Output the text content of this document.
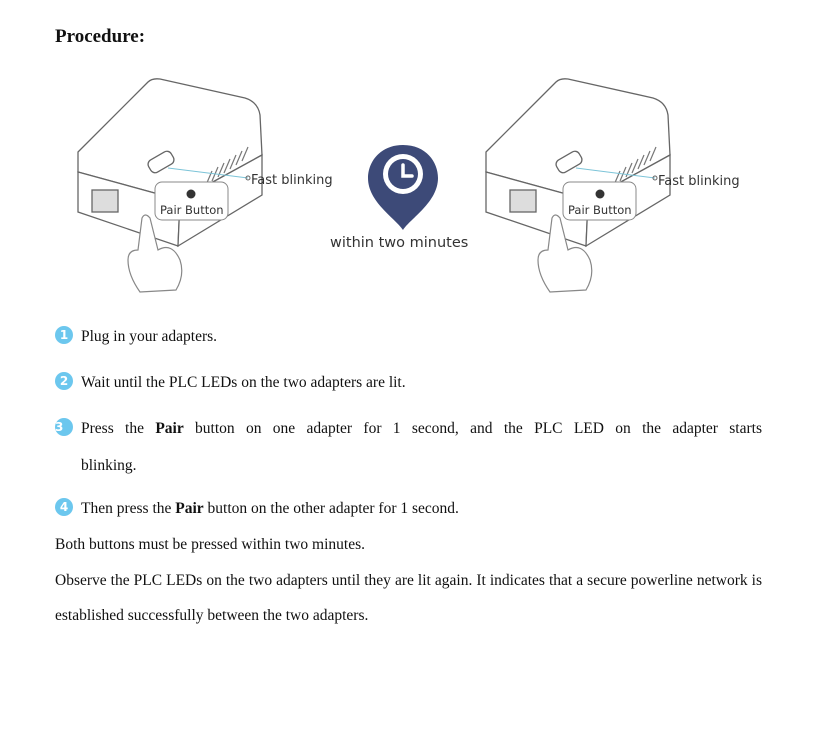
Procedure:
Fast blinking
Pair Button
within two minutes
Fast blinking
Pair Button
1 Plug in your adapters.
2 Wait until the PLC LEDs on the two adapters are lit.
3 Press the Pair button on one adapter for 1 second, and the PLC LED on the adapter starts
blinking.
4 Then press the Pair button on the other adapter for 1 second.
Both buttons must be pressed within two minutes.
Observe the PLC LEDs on the two adapters until they are lit again. It indicates that a secure powerline network is established successfully between the two adapters.
